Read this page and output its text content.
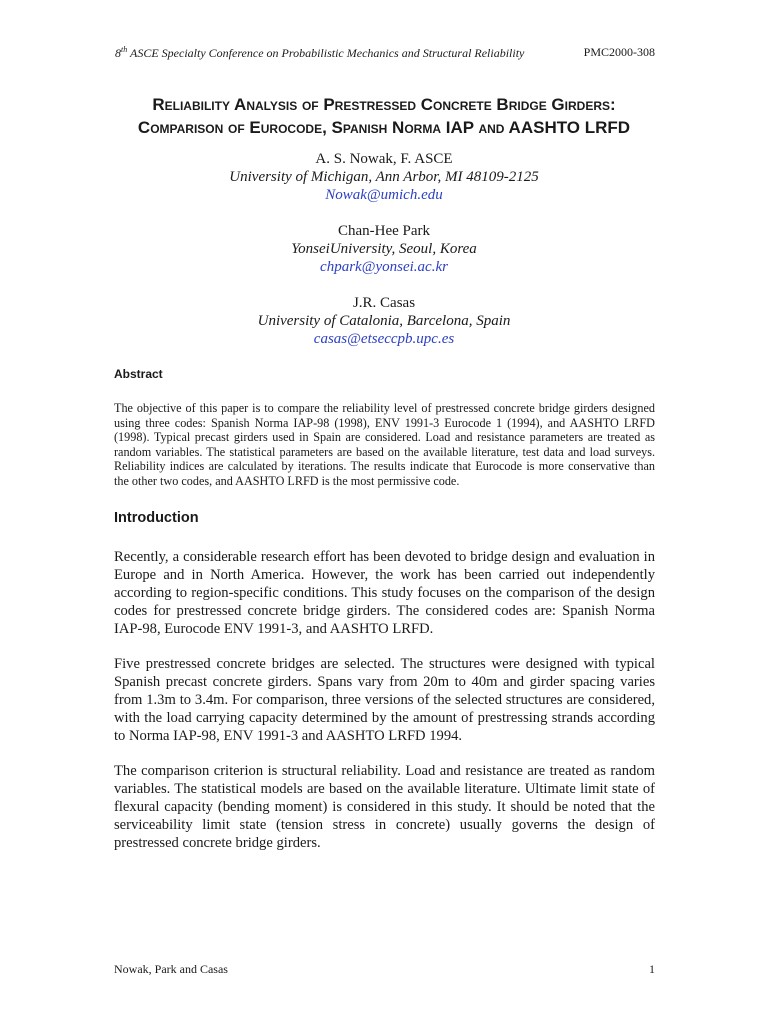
8th ASCE Specialty Conference on Probabilistic Mechanics and Structural Reliability	PMC2000-308
Reliability Analysis of Prestressed Concrete Bridge Girders:
Comparison of Eurocode, Spanish Norma IAP and AASHTO LRFD
A. S. Nowak, F. ASCE
University of Michigan, Ann Arbor, MI 48109-2125
Nowak@umich.edu
Chan-Hee Park
YonseiUniversity, Seoul, Korea
chpark@yonsei.ac.kr
J.R. Casas
University of Catalonia, Barcelona, Spain
casas@etseccpb.upc.es
Abstract
The objective of this paper is to compare the reliability level of prestressed concrete bridge girders designed using three codes: Spanish Norma IAP-98 (1998), ENV 1991-3 Eurocode 1 (1994), and AASHTO LRFD (1998). Typical precast girders used in Spain are considered. Load and resistance parameters are treated as random variables. The statistical parameters are based on the available literature, test data and load surveys. Reliability indices are calculated by iterations. The results indicate that Eurocode is more conservative than the other two codes, and AASHTO LRFD is the most permissive code.
Introduction
Recently, a considerable research effort has been devoted to bridge design and evaluation in Europe and in North America. However, the work has been carried out independently according to region-specific conditions. This study focuses on the comparison of the design codes for prestressed concrete bridge girders. The considered codes are: Spanish Norma IAP-98, Eurocode ENV 1991-3, and AASHTO LRFD.
Five prestressed concrete bridges are selected. The structures were designed with typical Spanish precast concrete girders. Spans vary from 20m to 40m and girder spacing varies from 1.3m to 3.4m. For comparison, three versions of the selected structures are considered, with the load carrying capacity determined by the amount of prestressing strands according to Norma IAP-98, ENV 1991-3 and AASHTO LRFD 1994.
The comparison criterion is structural reliability. Load and resistance are treated as random variables. The statistical models are based on the available literature. Ultimate limit state of flexural capacity (bending moment) is considered in this study. It should be noted that the serviceability limit state (tension stress in concrete) usually governs the design of prestressed concrete bridge girders.
Nowak, Park and Casas	1
